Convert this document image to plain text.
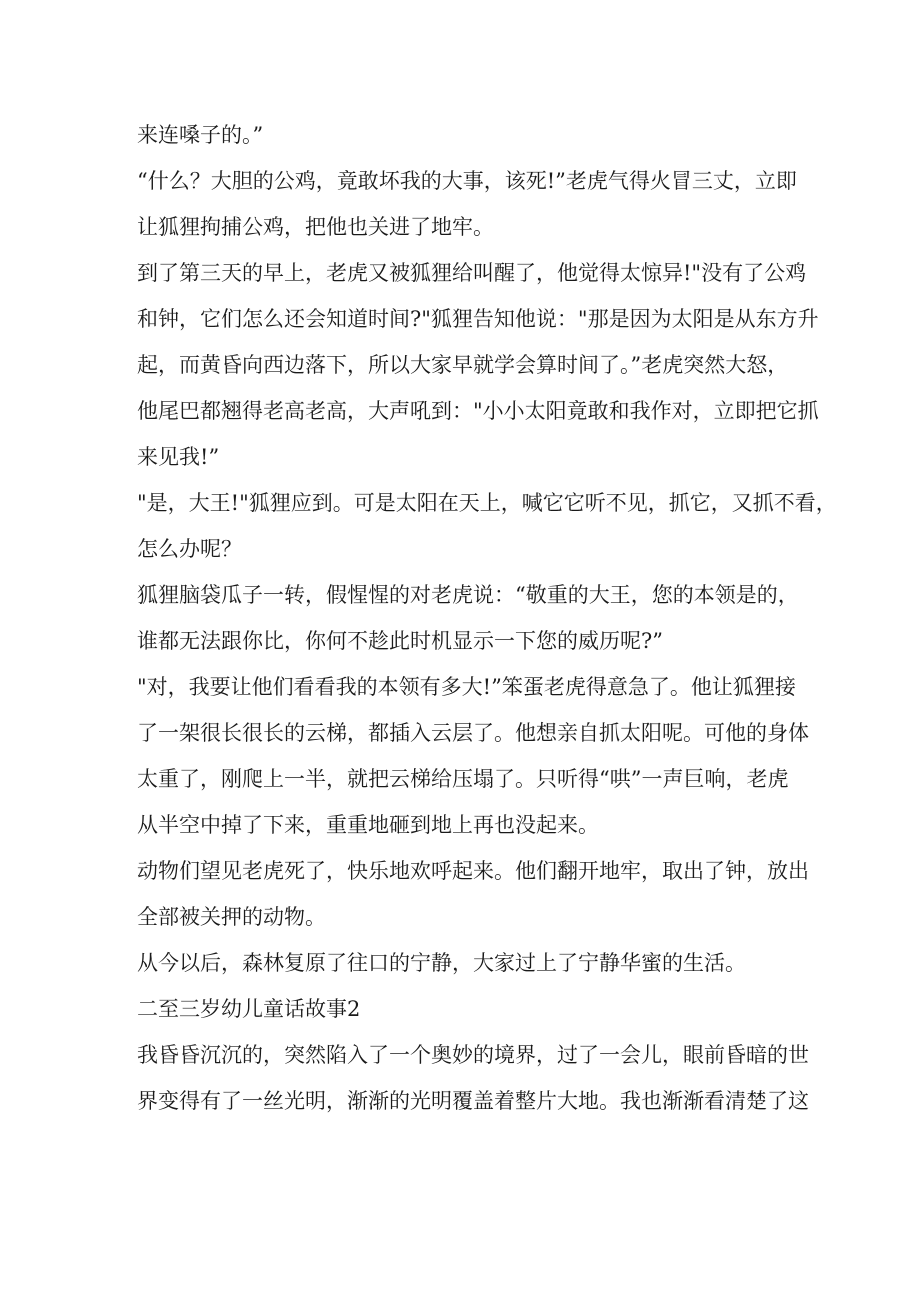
来连嗓子的。”

“什么？大胆的公鸡，竟敢坏我的大事，该死!”老虎气得火冒三丈，立即
让狐狸拘捕公鸡，把他也关进了地牢。

到了第三天的早上，老虎又被狐狸给叫醒了，他觉得太惊异!"没有了公鸡
和钟，它们怎么还会知道时间?"狐狸告知他说："那是因为太阳是从东方升
起，而黄昏向西边落下，所以大家早就学会算时间了。”老虎突然大怒，
他尾巴都翘得老高老高，大声吼到："小小太阳竟敢和我作对，立即把它抓
来见我!”

"是，大王!"狐狸应到。可是太阳在天上，喊它它听不见，抓它，又抓不看，
怎么办呢？

狐狸脑袋瓜子一转，假惺惺的对老虎说：“敬重的大王，您的本领是的，
谁都无法跟你比，你何不趁此时机显示一下您的威历呢?”

"对，我要让他们看看我的本领有多大!”笨蛋老虎得意急了。他让狐狸接
了一架很长很长的云梯，都插入云层了。他想亲自抓太阳呢。可他的身体
太重了，刚爬上一半，就把云梯给压塌了。只听得“哄”一声巨响，老虎
从半空中掉了下来，重重地砸到地上再也没起来。

动物们望见老虎死了，快乐地欢呼起来。他们翻开地牢，取出了钟，放出
全部被关押的动物。

从今以后，森林复原了往口的宁静，大家过上了宁静华蜜的生活。

二至三岁幼儿童话故事2

我昏昏沉沉的，突然陷入了一个奥妙的境界，过了一会儿，眼前昏暗的世
界变得有了一丝光明，渐渐的光明覆盖着整片大地。我也渐渐看清楚了这
